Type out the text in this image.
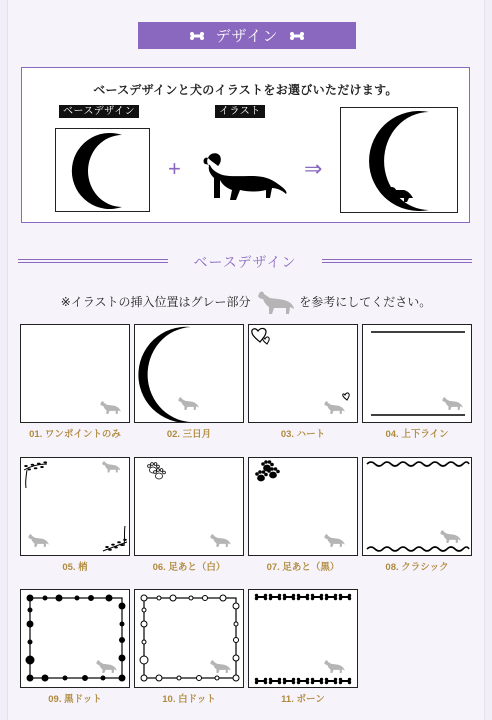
デザイン
ベースデザインと犬のイラストをお選びいただけます。
ベースデザイン	イラスト
+	⇒
ベースデザイン
※イラストの挿入位置はグレー部分	を参考にしてください。
01. ワンポイントのみ	02. 三日月	03. ハート	04. 上下ライン
05. 梢	06. 足あと（白）	07. 足あと（黒）	08. クラシック
09. 黒ドット	10. 白ドット	11. ボーン
